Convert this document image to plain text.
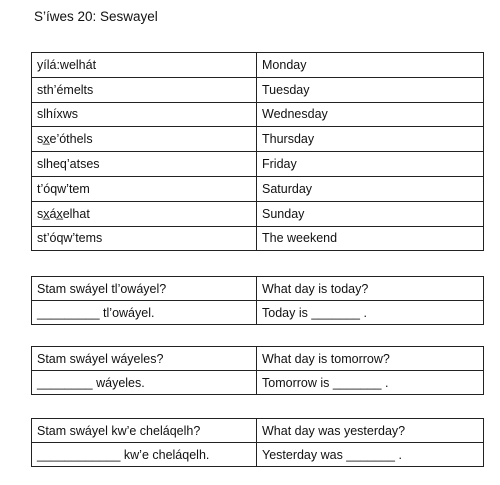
S’íwes 20: Seswayel
yílá:welhát	Monday
sth’émelts	Tuesday
slhíxws	Wednesday
sx̲e’óthels	Thursday
slheq’atses	Friday
t’óqw’tem	Saturday
sx̲áx̲elhat	Sunday
st’óqw’tems	The weekend
Stam swáyel tl’owáyel?	What day is today?
_________ tl’owáyel.	Today is _______ .
Stam swáyel wáyeles?	What day is tomorrow?
________ wáyeles.	Tomorrow is _______ .
Stam swáyel kw’e cheláqelh?	What day was yesterday?
____________ kw’e cheláqelh.	Yesterday was _______ .
